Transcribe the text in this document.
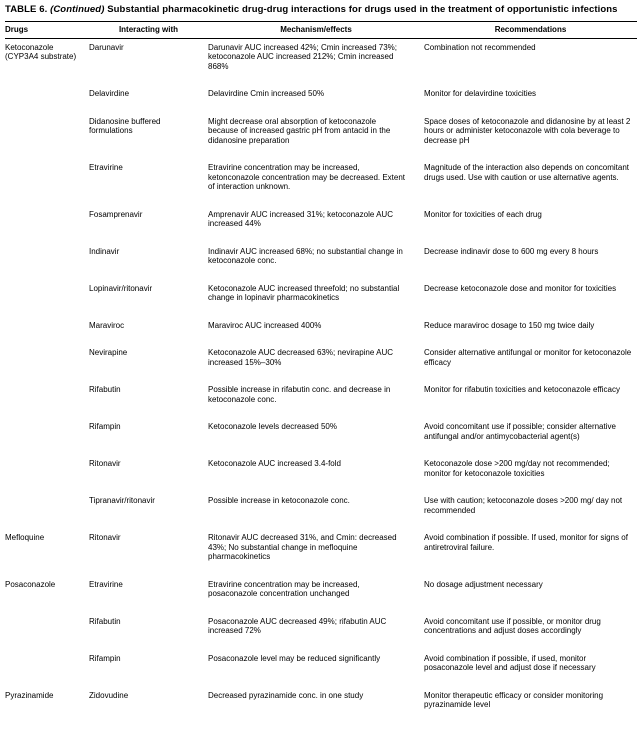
TABLE 6. (Continued) Substantial pharmacokinetic drug-drug interactions for drugs used in the treatment of opportunistic infections
Drugs	Interacting with	Mechanism/effects	Recommendations
Ketoconazole (CYP3A4 substrate)	Darunavir	Darunavir AUC increased 42%; Cmin increased 73%; ketoconazole AUC increased 212%; Cmin increased 868%	Combination not recommended
	Delavirdine	Delavirdine Cmin increased 50%	Monitor for delavirdine toxicities
	Didanosine buffered formulations	Might decrease oral absorption of ketoconazole because of increased gastric pH from antacid in the didanosine preparation	Space doses of ketoconazole and didanosine by at least 2 hours or administer ketoconazole with cola beverage to decrease pH
	Etravirine	Etravirine concentration may be increased, ketonconazole concentration may be decreased. Extent of interaction unknown.	Magnitude of the interaction also depends on concomitant drugs used. Use with caution or use alternative agents.
	Fosamprenavir	Amprenavir AUC increased 31%; ketoconazole AUC increased 44%	Monitor for toxicities of each drug
	Indinavir	Indinavir AUC increased 68%; no substantial change in ketoconazole conc.	Decrease indinavir dose to 600 mg every 8 hours
	Lopinavir/ritonavir	Ketoconazole AUC increased threefold; no substantial change in lopinavir pharmacokinetics	Decrease ketoconazole dose and monitor for toxicities
	Maraviroc	Maraviroc AUC increased 400%	Reduce maraviroc dosage to 150 mg twice daily
	Nevirapine	Ketoconazole AUC decreased 63%; nevirapine AUC increased 15%–30%	Consider alternative antifungal or monitor for ketoconazole efficacy
	Rifabutin	Possible increase in rifabutin conc. and decrease in ketoconazole conc.	Monitor for rifabutin toxicities and ketoconazole efficacy
	Rifampin	Ketoconazole levels decreased 50%	Avoid concomitant use if possible; consider alternative antifungal and/or antimycobacterial agent(s)
	Ritonavir	Ketoconazole AUC increased 3.4-fold	Ketoconazole dose >200 mg/day not recommended; monitor for ketoconazole toxicities
	Tipranavir/ritonavir	Possible increase in ketoconazole conc.	Use with caution; ketoconazole doses >200 mg/ day not recommended
Mefloquine	Ritonavir	Ritonavir AUC decreased 31%, and Cmin: decreased 43%; No substantial change in mefloquine pharmacokinetics	Avoid combination if possible. If used, monitor for signs of antiretroviral failure.
Posaconazole	Etravirine	Etravirine concentration may be increased, posaconazole concentration unchanged	No dosage adjustment necessary
	Rifabutin	Posaconazole AUC decreased 49%; rifabutin AUC increased 72%	Avoid concomitant use if possible, or monitor drug concentrations and adjust doses accordingly
	Rifampin	Posaconazole level may be reduced significantly	Avoid combination if possible, if used, monitor posaconazole level and adjust dose if necessary
Pyrazinamide	Zidovudine	Decreased pyrazinamide conc. in one study	Monitor therapeutic efficacy or consider monitoring pyrazinamide level
